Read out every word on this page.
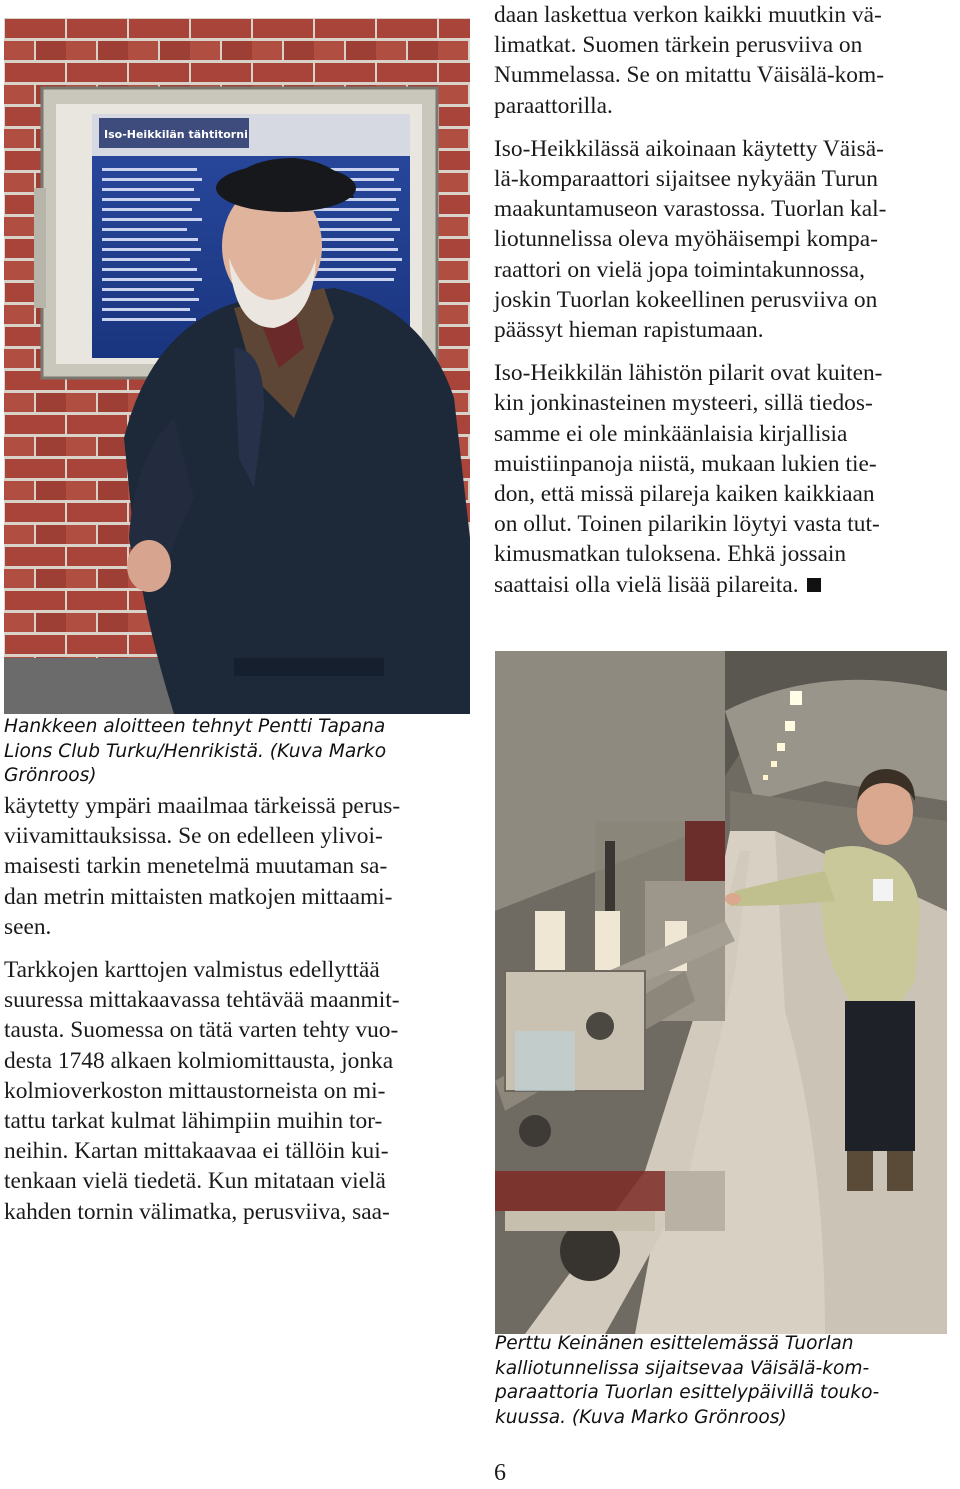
Iso-Heikkilän tähtitorni

daan laskettua verkon kaikki muutkin vä-
limatkat. Suomen tärkein perusviiva on
Nummelassa. Se on mitattu Väisälä-kom-
paraattorilla.

Iso-Heikkilässä aikoinaan käytetty Väisä-
lä-komparaattori sijaitsee nykyään Turun
maakuntamuseon varastossa. Tuorlan kal-
liotunnelissa oleva myöhäisempi kompa-
raattori on vielä jopa toimintakunnossa,
joskin Tuorlan kokeellinen perusviiva on
päässyt hieman rapistumaan.

Iso-Heikkilän lähistön pilarit ovat kuiten-
kin jonkinasteinen mysteeri, sillä tiedos-
samme ei ole minkäänlaisia kirjallisia
muistiinpanoja niistä, mukaan lukien tie-
don, että missä pilareja kaiken kaikkiaan
on ollut. Toinen pilarikin löytyi vasta tut-
kimusmatkan tuloksena. Ehkä jossain
saattaisi olla vielä lisää pilareita.

Hankkeen aloitteen tehnyt Pentti Tapana
Lions Club Turku/Henrikistä. (Kuva Marko
Grönroos)

käytetty ympäri maailmaa tärkeissä perus-
viivamittauksissa. Se on edelleen ylivoi-
maisesti tarkin menetelmä muutaman sa-
dan metrin mittaisten matkojen mittaami-
seen.

Tarkkojen karttojen valmistus edellyttää
suuressa mittakaavassa tehtävää maanmit-
tausta. Suomessa on tätä varten tehty vuo-
desta 1748 alkaen kolmiomittausta, jonka
kolmioverkoston mittaustorneista on mi-
tattu tarkat kulmat lähimpiin muihin tor-
neihin. Kartan mittakaavaa ei tällöin kui-
tenkaan vielä tiedetä. Kun mitataan vielä
kahden tornin välimatka, perusviiva, saa-

Perttu Keinänen esittelemässä Tuorlan
kalliotunnelissa sijaitsevaa Väisälä-kom-
paraattoria Tuorlan esittelypäivillä touko-
kuussa. (Kuva Marko Grönroos)

6
